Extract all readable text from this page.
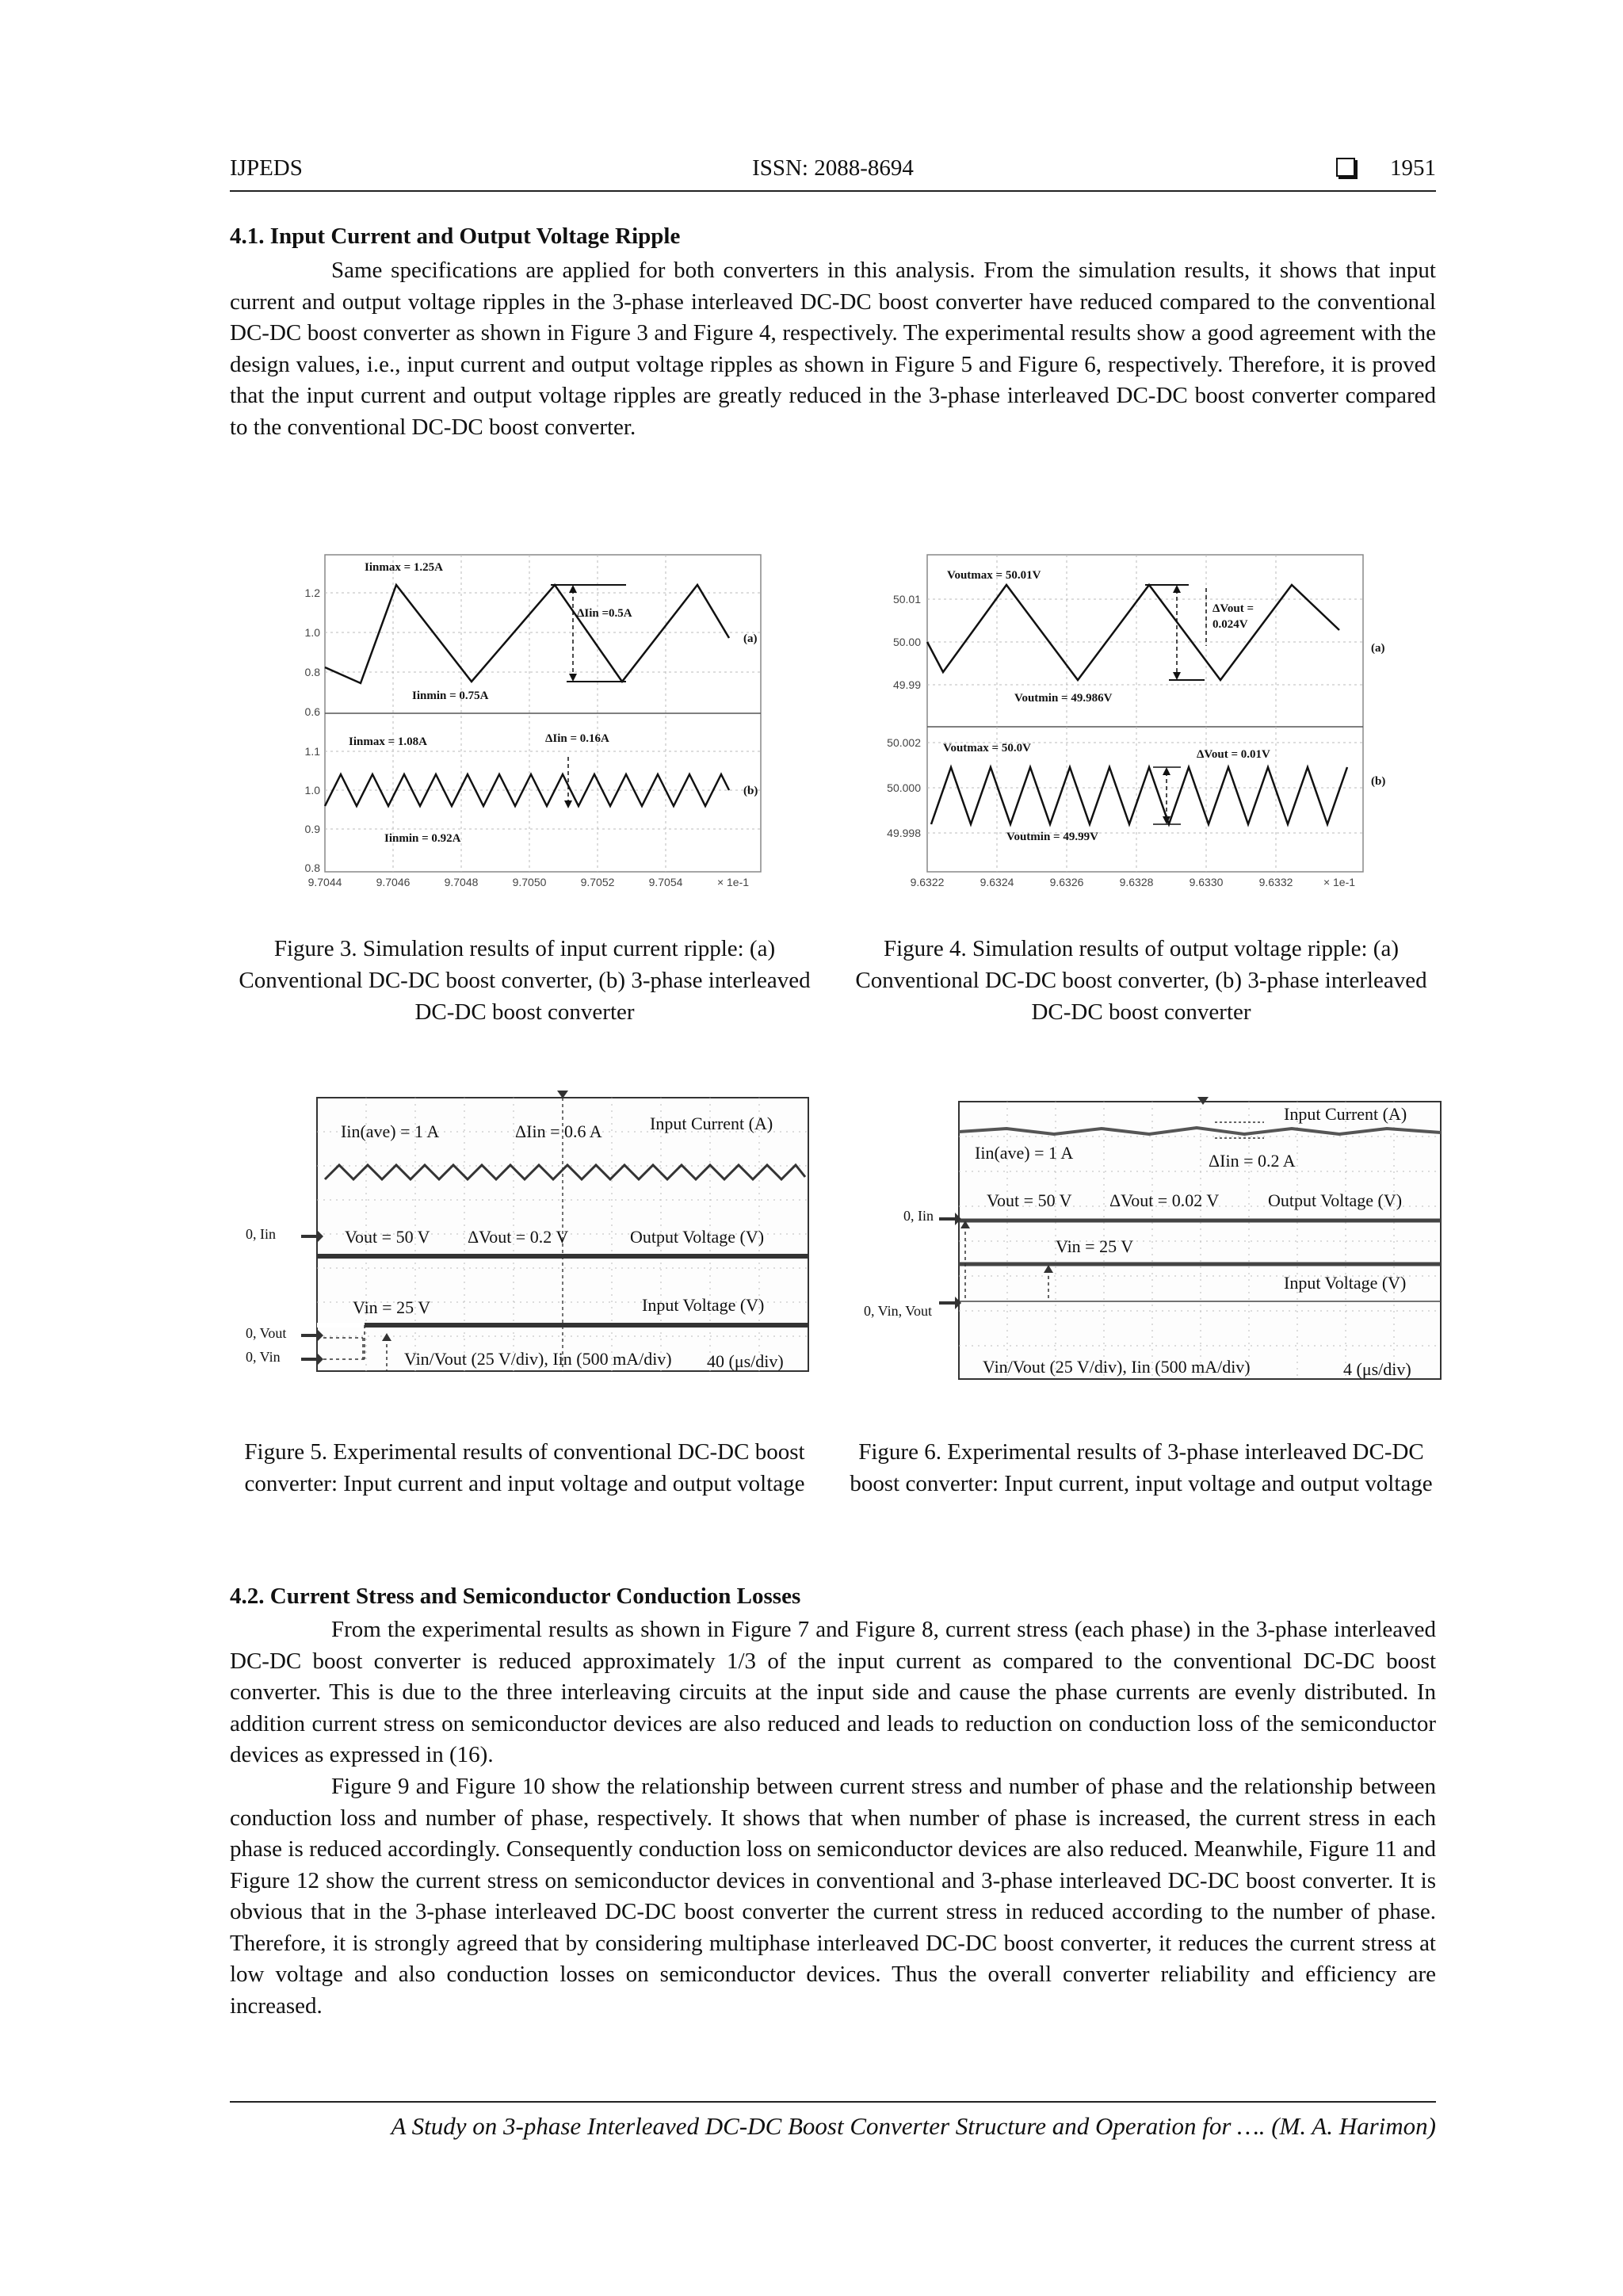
IJPEDS	ISSN: 2088-8694	1951
4.1. Input Current and Output Voltage Ripple

Same specifications are applied for both converters in this analysis. From the simulation results, it shows that input current and output voltage ripples in the 3-phase interleaved DC-DC boost converter have reduced compared to the conventional DC-DC boost converter as shown in Figure 3 and Figure 4, respectively. The experimental results show a good agreement with the design values, i.e., input current and output voltage ripples as shown in Figure 5 and Figure 6, respectively. Therefore, it is proved that the input current and output voltage ripples are greatly reduced in the 3-phase interleaved DC-DC boost converter compared to the conventional DC-DC boost converter.

1.2
1.0
0.8
0.6
1.1
1.0
0.9
0.8
9.7044	9.7046	9.7048	9.7050	9.7052	9.7054	× 1e-1
Iinmax = 1.25A
ΔIin =0.5A
Iinmin = 0.75A
(a)
Iinmax = 1.08A	ΔIin = 0.16A
Iinmin = 0.92A
(b)
Figure 3. Simulation results of input current ripple: (a) Conventional DC-DC boost converter, (b) 3-phase interleaved DC-DC boost converter
50.01
50.00
49.99
50.002
50.000
49.998
9.6322	9.6324	9.6326	9.6328	9.6330	9.6332	× 1e-1
Voutmax = 50.01V
ΔVout =
0.024V
Voutmin = 49.986V
(a)
Voutmax = 50.0V	ΔVout = 0.01V
Voutmin = 49.99V
(b)
Figure 4. Simulation results of output voltage ripple: (a) Conventional DC-DC boost converter, (b) 3-phase interleaved DC-DC boost converter
Iin(ave) = 1 A	ΔIin = 0.6 A	Input Current (A)
Vout = 50 V ΔVout = 0.2 V	Output Voltage (V)
Vin = 25 V	Input Voltage (V)
0, Iin
0, Vout
0, Vin	Vin/Vout (25 V/div), Iin (500 mA/div) 40 (μs/div)
Figure 5. Experimental results of conventional DC-DC boost converter: Input current and input voltage and output voltage
Iin(ave) = 1 A	ΔIin = 0.2 A
Input Current (A)
Vout = 50 V ΔVout = 0.02 V	Output Voltage (V)
Vin = 25 V
Input Voltage (V)
0, Iin
0, Vin, Vout
Vin/Vout (25 V/div), Iin (500 mA/div)	4 (μs/div)
Figure 6. Experimental results of 3-phase interleaved DC-DC boost converter: Input current, input voltage and output voltage
4.2. Current Stress and Semiconductor Conduction Losses

From the experimental results as shown in Figure 7 and Figure 8, current stress (each phase) in the 3-phase interleaved DC-DC boost converter is reduced approximately 1/3 of the input current as compared to the conventional DC-DC boost converter. This is due to the three interleaving circuits at the input side and cause the phase currents are evenly distributed. In addition current stress on semiconductor devices are also reduced and leads to reduction on conduction loss of the semiconductor devices as expressed in (16).

Figure 9 and Figure 10 show the relationship between current stress and number of phase and the relationship between conduction loss and number of phase, respectively. It shows that when number of phase is increased, the current stress in each phase is reduced accordingly. Consequently conduction loss on semiconductor devices are also reduced. Meanwhile, Figure 11 and Figure 12 show the current stress on semiconductor devices in conventional and 3-phase interleaved DC-DC boost converter. It is obvious that in the 3-phase interleaved DC-DC boost converter the current stress in reduced according to the number of phase. Therefore, it is strongly agreed that by considering multiphase interleaved DC-DC boost converter, it reduces the current stress at low voltage and also conduction losses on semiconductor devices. Thus the overall converter reliability and efficiency are increased.

A Study on 3-phase Interleaved DC-DC Boost Converter Structure and Operation for …. (M. A. Harimon)
